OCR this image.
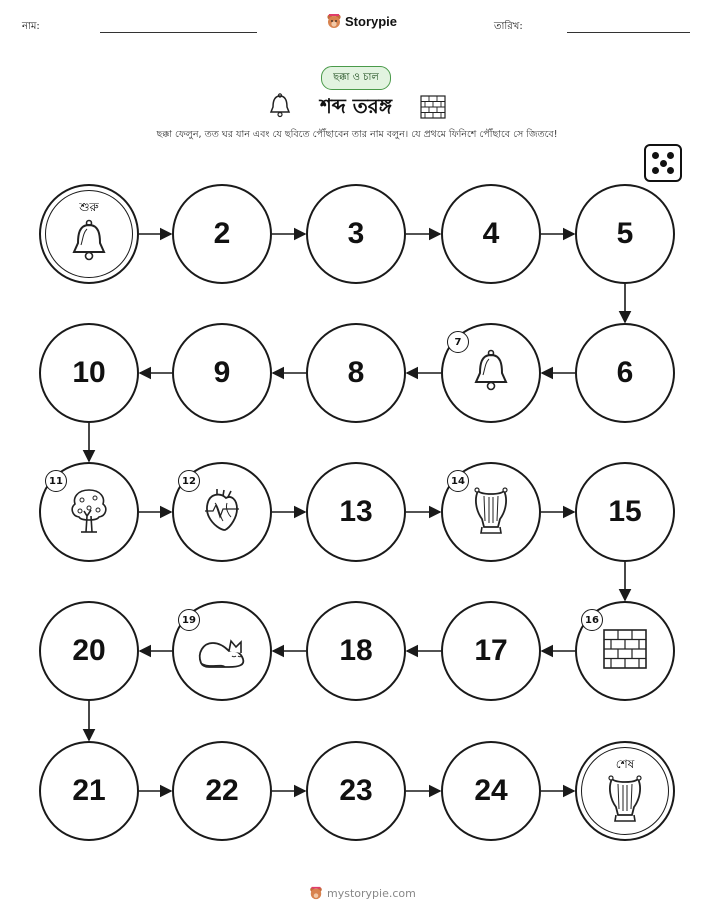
নাম:	Storypie	তারিখ:
ছক্কা ও চাল
শব্দ তরঙ্গ
ছক্কা ফেলুন, তত ঘর যান এবং যে ছবিতে পৌঁছাবেন তার নাম বলুন। যে প্রথমে ফিনিশে পৌঁছাবে সে জিতবে!
শুরু
2	3	4	5
6
7
8
9
10
11	12
13
14
15
16
17
18
19
20
21	22	23	24
শেষ
mystorypie.com
